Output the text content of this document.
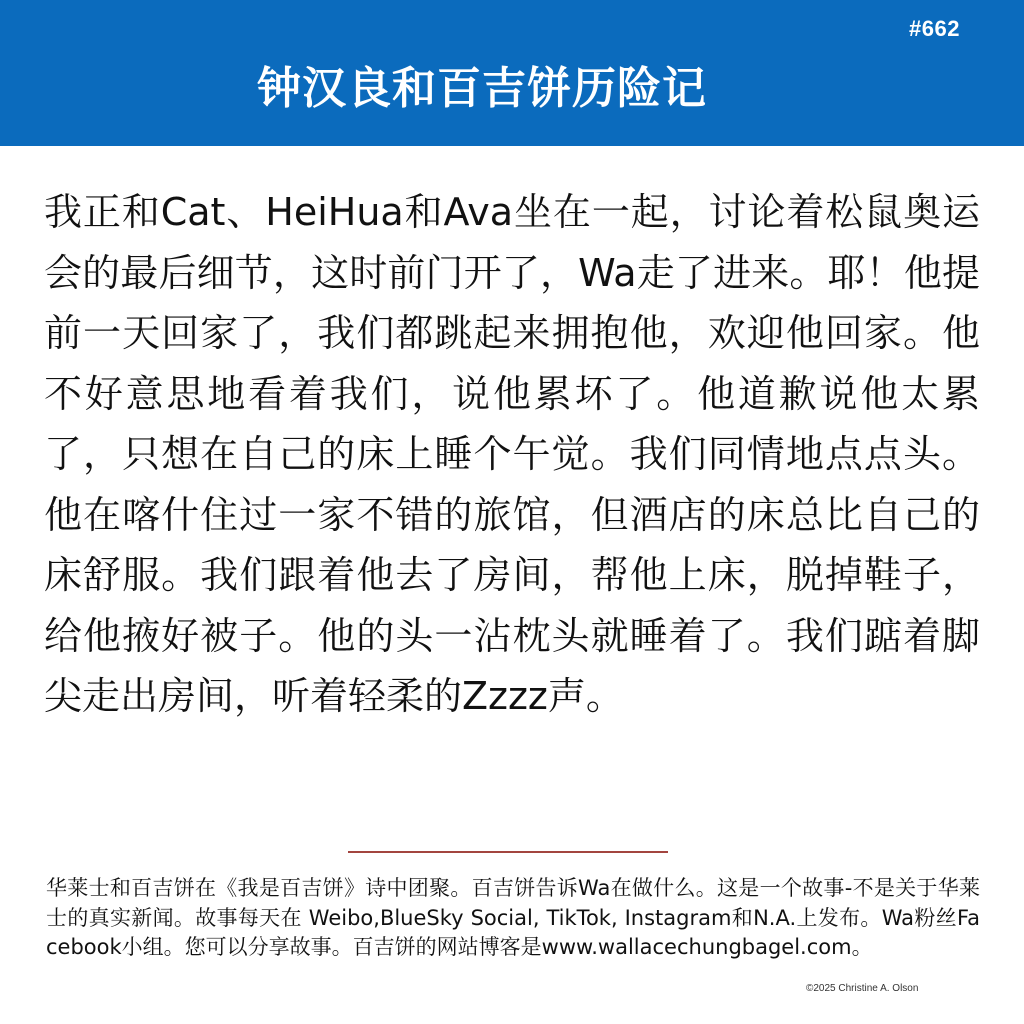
#662
钟汉良和百吉饼历险记

我正和Cat、HeiHua和Ava坐在一起，讨论着松鼠奥运会的最后细节，这时前门开了，Wa走了进来。耶！他提前一天回家了，我们都跳起来拥抱他，欢迎他回家。他不好意思地看着我们，说他累坏了。他道歉说他太累了，只想在自己的床上睡个午觉。我们同情地点点头。他在喀什住过一家不错的旅馆，但酒店的床总比自己的床舒服。我们跟着他去了房间，帮他上床，脱掉鞋子，给他掖好被子。他的头一沾枕头就睡着了。我们踮着脚尖走出房间，听着轻柔的Zzzz声。

华莱士和百吉饼在《我是百吉饼》诗中团聚。百吉饼告诉Wa在做什么。这是一个故事-不是关于华莱士的真实新闻。故事每天在 Weibo,BlueSky Social, TikTok, Instagram和N.A.上发布。Wa粉丝Facebook小组。您可以分享故事。百吉饼的网站博客是www.wallacechungbagel.com。

©2025 Christine A. Olson
